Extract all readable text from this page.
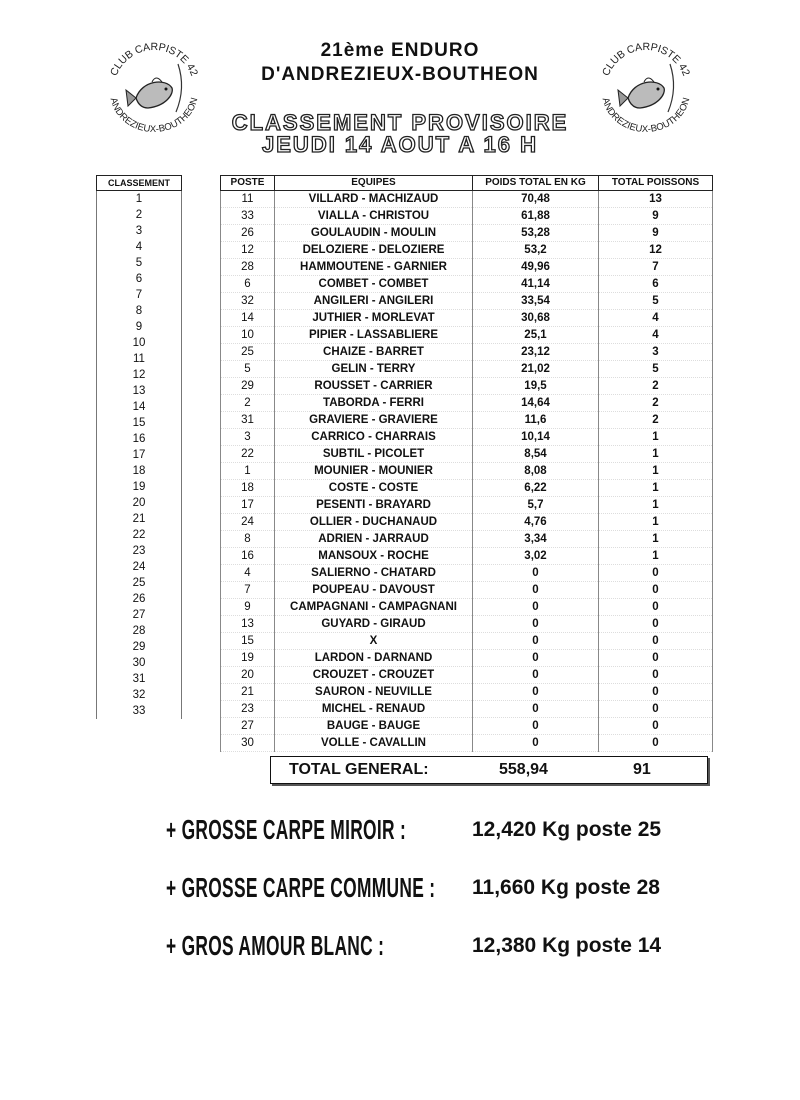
CLUB CARPISTE 42
ANDREZIEUX-BOUTHEON
CLUB CARPISTE 42
ANDREZIEUX-BOUTHEON
21ème ENDURO
D'ANDREZIEUX-BOUTHEON
CLASSEMENT PROVISOIRE
JEUDI 14 AOUT A 16 H
CLASSEMENT
1
2
3
4
5
6
7
8
9
10
11
12
13
14
15
16
17
18
19
20
21
22
23
24
25
26
27
28
29
30
31
32
33
POSTE	EQUIPES	POIDS TOTAL EN KG	TOTAL POISSONS
11	VILLARD - MACHIZAUD	70,48	13
33	VIALLA - CHRISTOU	61,88	9
26	GOULAUDIN - MOULIN	53,28	9
12	DELOZIERE - DELOZIERE	53,2	12
28	HAMMOUTENE - GARNIER	49,96	7
6	COMBET - COMBET	41,14	6
32	ANGILERI - ANGILERI	33,54	5
14	JUTHIER - MORLEVAT	30,68	4
10	PIPIER - LASSABLIERE	25,1	4
25	CHAIZE - BARRET	23,12	3
5	GELIN - TERRY	21,02	5
29	ROUSSET - CARRIER	19,5	2
2	TABORDA - FERRI	14,64	2
31	GRAVIERE - GRAVIERE	11,6	2
3	CARRICO - CHARRAIS	10,14	1
22	SUBTIL - PICOLET	8,54	1
1	MOUNIER - MOUNIER	8,08	1
18	COSTE - COSTE	6,22	1
17	PESENTI - BRAYARD	5,7	1
24	OLLIER - DUCHANAUD	4,76	1
8	ADRIEN - JARRAUD	3,34	1
16	MANSOUX - ROCHE	3,02	1
4	SALIERNO - CHATARD	0	0
7	POUPEAU - DAVOUST	0	0
9	CAMPAGNANI - CAMPAGNANI	0	0
13	GUYARD - GIRAUD	0	0
15	X	0	0
19	LARDON - DARNAND	0	0
20	CROUZET - CROUZET	0	0
21	SAURON - NEUVILLE	0	0
23	MICHEL - RENAUD	0	0
27	BAUGE - BAUGE	0	0
30	VOLLE - CAVALLIN	0	0
TOTAL GENERAL:	558,94	91
+ GROSSE CARPE MIROIR :	12,420 Kg poste 25
+ GROSSE CARPE COMMUNE : 11,660 Kg poste 28
+ GROS AMOUR BLANC :	12,380 Kg poste 14
